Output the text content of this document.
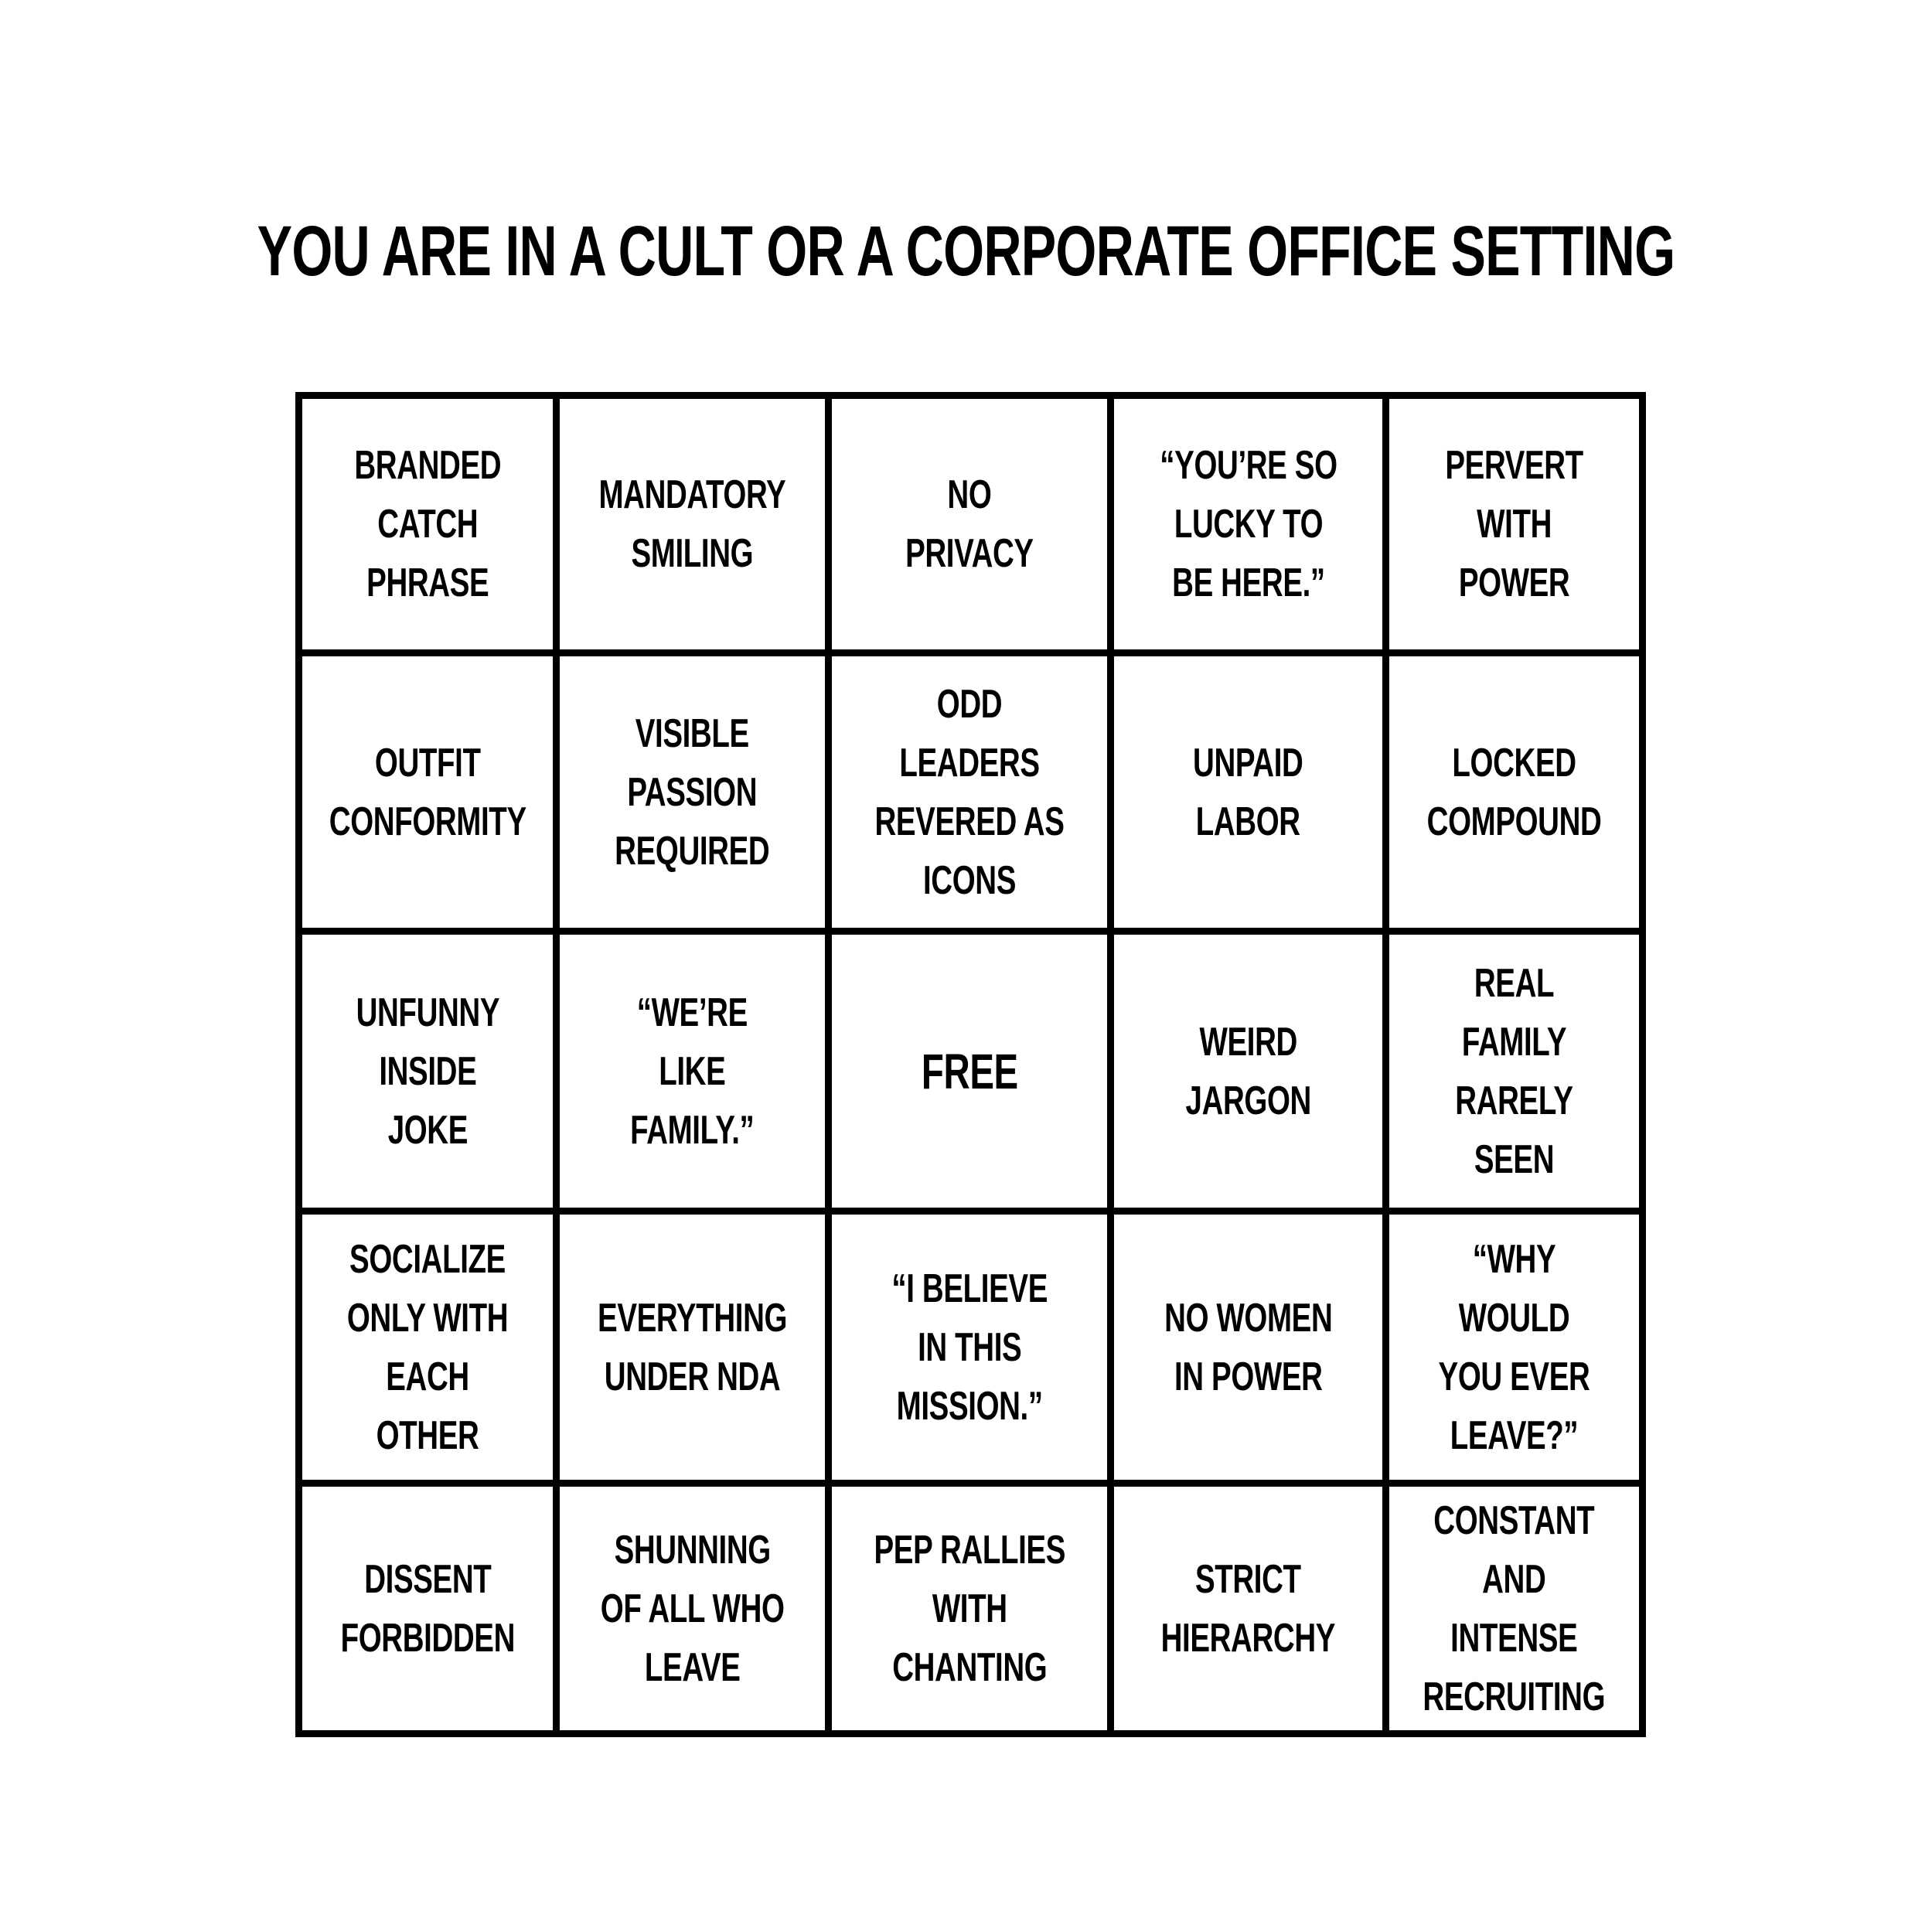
YOU ARE IN A CULT OR A CORPORATE OFFICE SETTING
BRANDED
CATCH
PHRASE
MANDATORY
SMILING
NO
PRIVACY
“YOU’RE SO
LUCKY TO
BE HERE.”
PERVERT
WITH
POWER
OUTFIT
CONFORMITY
VISIBLE
PASSION
REQUIRED
ODD LEADERS
REVERED AS
ICONS
UNPAID
LABOR
LOCKED
COMPOUND
UNFUNNY
INSIDE
JOKE
“WE’RE
LIKE
FAMILY.”
FREE
WEIRD
JARGON
REAL FAMILY
RARELY SEEN
SOCIALIZE
ONLY WITH
EACH OTHER
EVERYTHING
UNDER NDA
“I BELIEVE
IN THIS
MISSION.”
NO WOMEN
IN POWER
“WHY WOULD
YOU EVER
LEAVE?”
DISSENT
FORBIDDEN
SHUNNING
OF ALL WHO
LEAVE
PEP RALLIES
WITH
CHANTING
STRICT
HIERARCHY
CONSTANT AND
INTENSE
RECRUITING
